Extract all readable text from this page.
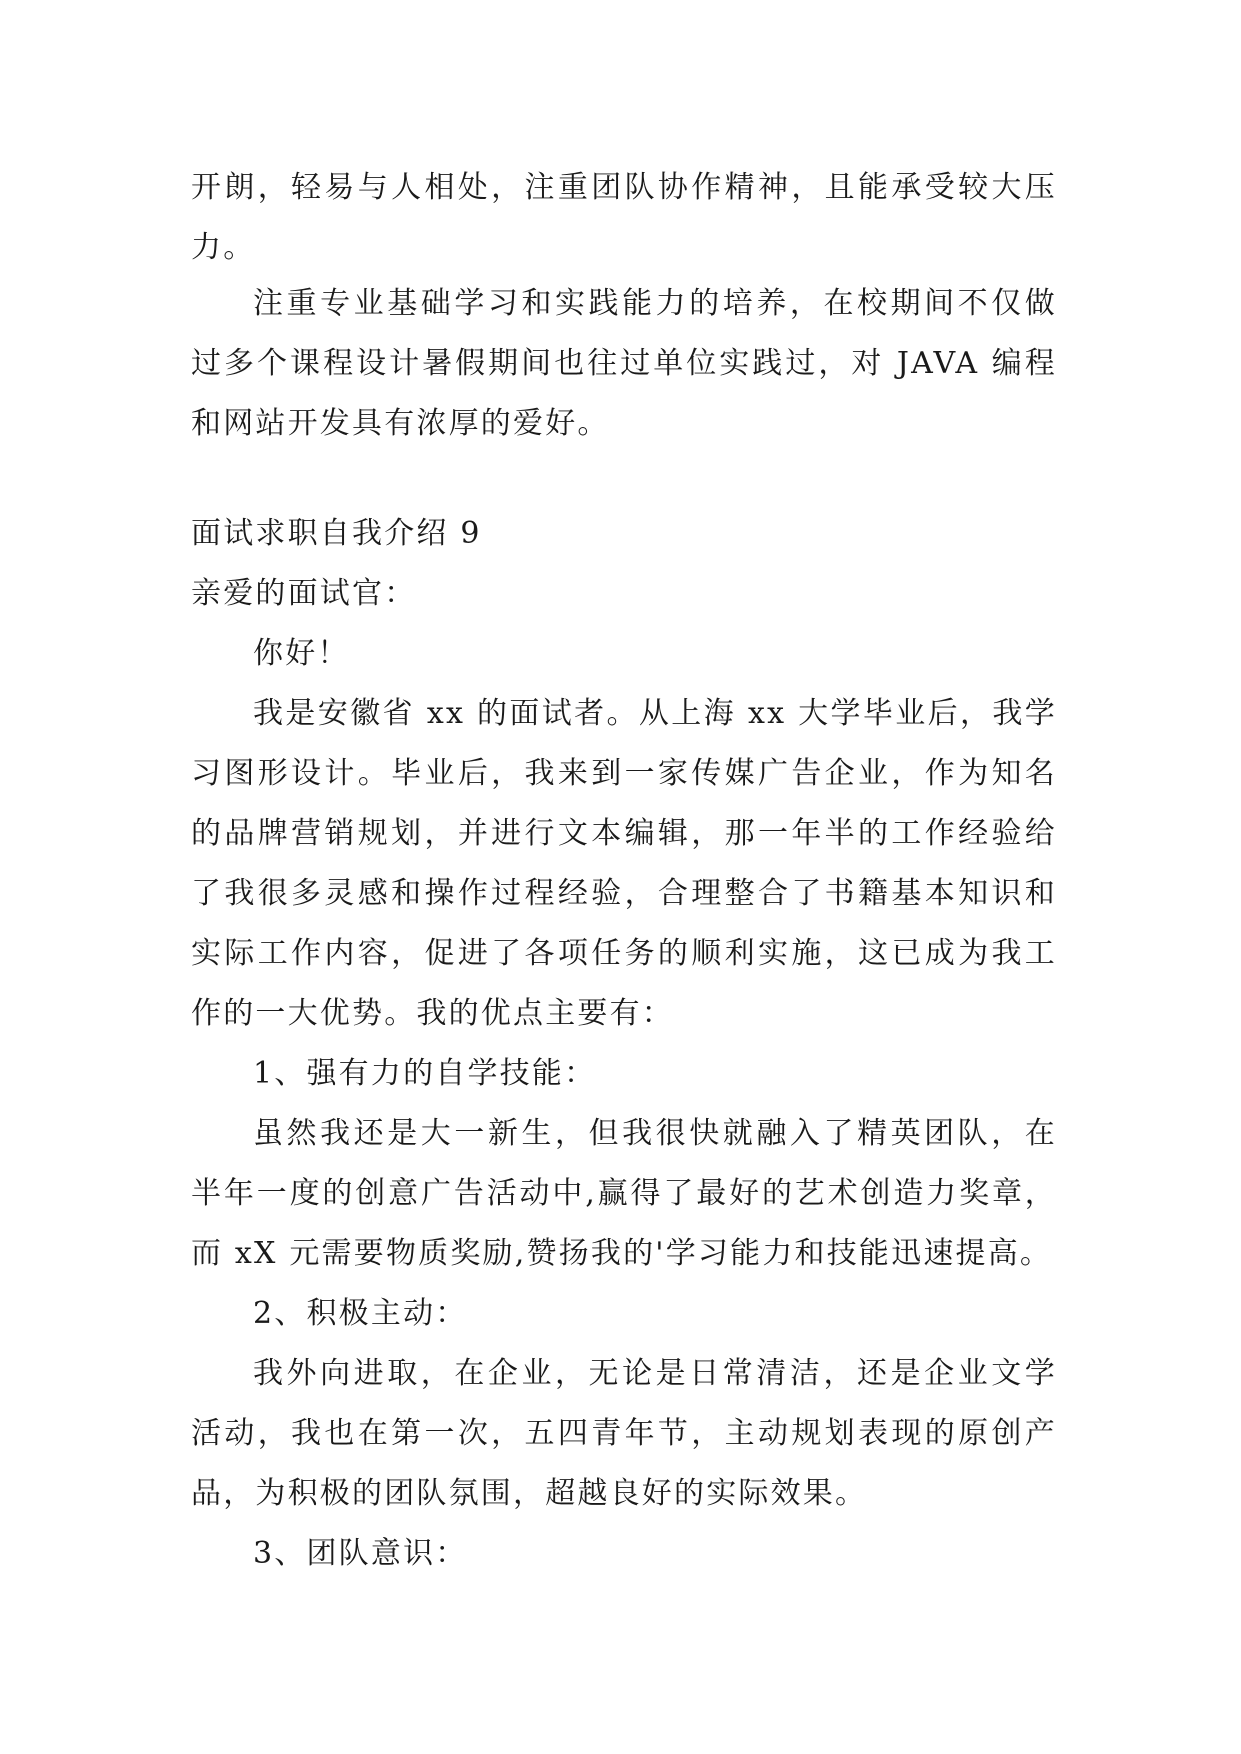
开朗，轻易与人相处，注重团队协作精神，且能承受较大压力。

注重专业基础学习和实践能力的培养，在校期间不仅做过多个课程设计暑假期间也往过单位实践过，对 JAVA 编程和网站开发具有浓厚的爱好。

面试求职自我介绍 9

亲爱的面试官：

你好！

我是安徽省 xx 的面试者。从上海 xx 大学毕业后，我学习图形设计。毕业后，我来到一家传媒广告企业，作为知名的品牌营销规划，并进行文本编辑，那一年半的工作经验给了我很多灵感和操作过程经验，合理整合了书籍基本知识和实际工作内容，促进了各项任务的顺利实施，这已成为我工作的一大优势。我的优点主要有：

1、强有力的自学技能：

虽然我还是大一新生，但我很快就融入了精英团队，在半年一度的创意广告活动中,赢得了最好的艺术创造力奖章，而 xX 元需要物质奖励,赞扬我的'学习能力和技能迅速提高。

2、积极主动：

我外向进取，在企业，无论是日常清洁，还是企业文学活动，我也在第一次，五四青年节，主动规划表现的原创产品，为积极的团队氛围，超越良好的实际效果。

3、团队意识：
